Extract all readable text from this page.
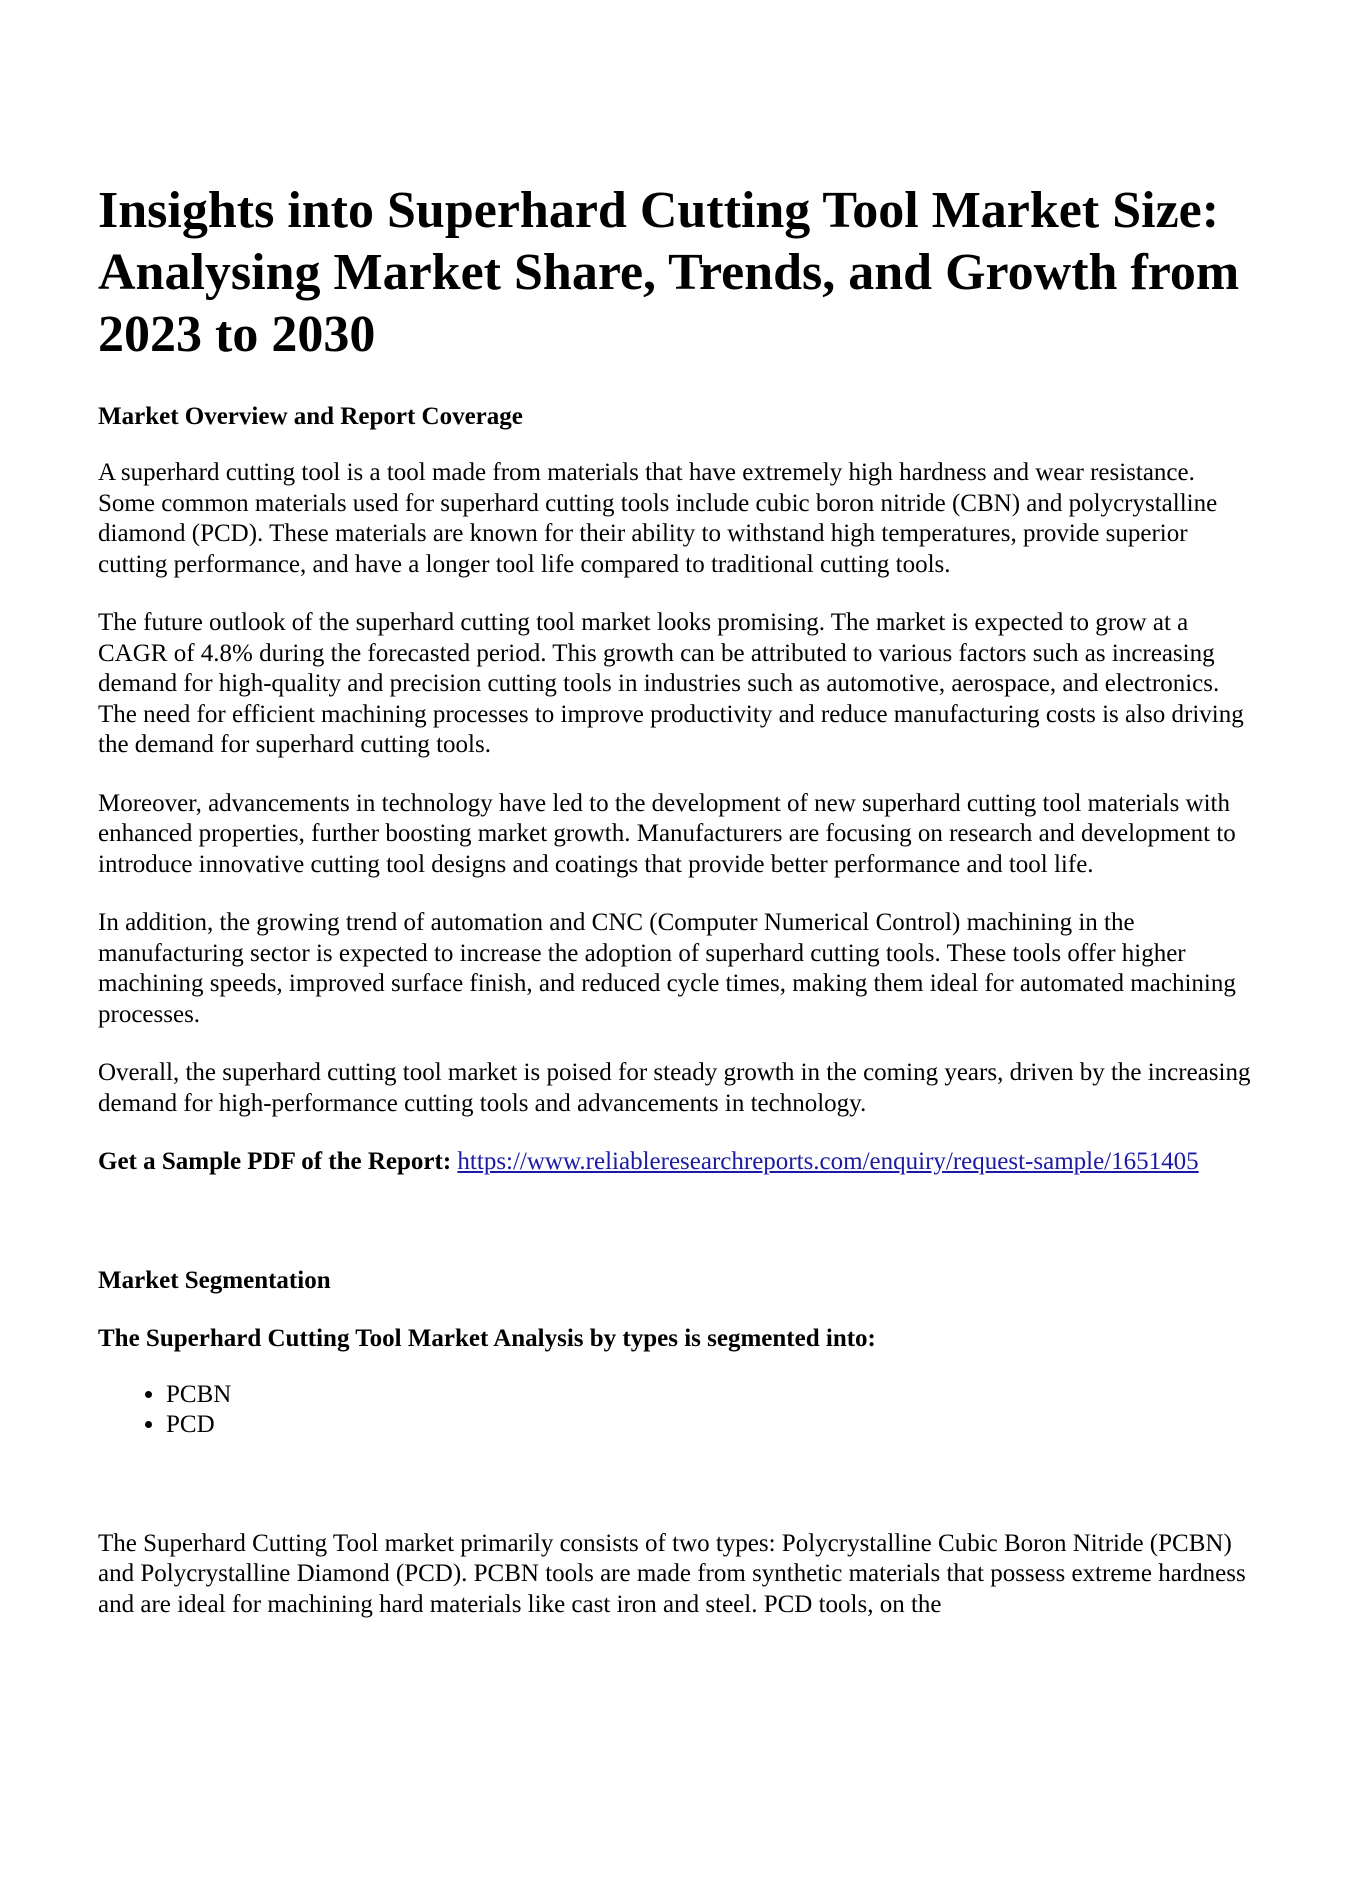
Insights into Superhard Cutting Tool Market Size: Analysing Market Share, Trends, and Growth from 2023 to 2030
Market Overview and Report Coverage

A superhard cutting tool is a tool made from materials that have extremely high hardness and wear resistance. Some common materials used for superhard cutting tools include cubic boron nitride (CBN) and polycrystalline diamond (PCD). These materials are known for their ability to withstand high temperatures, provide superior cutting performance, and have a longer tool life compared to traditional cutting tools.

The future outlook of the superhard cutting tool market looks promising. The market is expected to grow at a CAGR of 4.8% during the forecasted period. This growth can be attributed to various factors such as increasing demand for high-quality and precision cutting tools in industries such as automotive, aerospace, and electronics. The need for efficient machining processes to improve productivity and reduce manufacturing costs is also driving the demand for superhard cutting tools.

Moreover, advancements in technology have led to the development of new superhard cutting tool materials with enhanced properties, further boosting market growth. Manufacturers are focusing on research and development to introduce innovative cutting tool designs and coatings that provide better performance and tool life.

In addition, the growing trend of automation and CNC (Computer Numerical Control) machining in the manufacturing sector is expected to increase the adoption of superhard cutting tools. These tools offer higher machining speeds, improved surface finish, and reduced cycle times, making them ideal for automated machining processes.

Overall, the superhard cutting tool market is poised for steady growth in the coming years, driven by the increasing demand for high-performance cutting tools and advancements in technology.

Get a Sample PDF of the Report: https://www.reliableresearchreports.com/enquiry/request-sample/1651405
Market Segmentation
The Superhard Cutting Tool Market Analysis by types is segmented into:
• PCBN
• PCD

The Superhard Cutting Tool market primarily consists of two types: Polycrystalline Cubic Boron Nitride (PCBN) and Polycrystalline Diamond (PCD). PCBN tools are made from synthetic materials that possess extreme hardness and are ideal for machining hard materials like cast iron and steel. PCD tools, on the
